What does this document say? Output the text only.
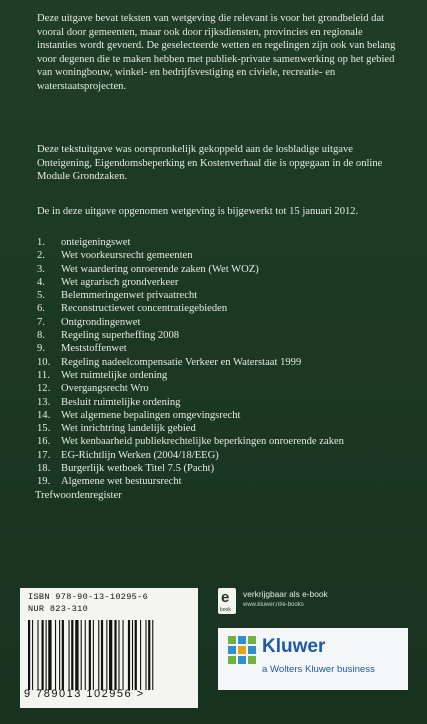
Deze uitgave bevat teksten van wetgeving die relevant is voor het grondbeleid dat vooral door gemeenten, maar ook door rijksdiensten, provincies en regionale instanties wordt gevoerd. De geselecteerde wetten en regelingen zijn ook van belang voor degenen die te maken hebben met publiek-private samenwerking op het gebied van woningbouw, winkel- en bedrijfsvestiging en civiele, recreatie- en waterstaatsprojecten.

Deze tekstuitgave was oorspronkelijk gekoppeld aan de losbladige uitgave Onteigening, Eigendomsbeperking en Kostenverhaal die is opgegaan in de online Module Grondzaken.

De in deze uitgave opgenomen wetgeving is bijgewerkt tot 15 januari 2012.

1. onteigeningswet
2. Wet voorkeursrecht gemeenten
3. Wet waardering onroerende zaken (Wet WOZ)
4. Wet agrarisch grondverkeer
5. Belemmeringenwet privaatrecht
6. Reconstructiewet concentratiegebieden
7. Ontgrondingenwet
8. Regeling superheffing 2008
9. Meststoffenwet
10. Regeling nadeelcompensatie Verkeer en Waterstaat 1999
11. Wet ruimtelijke ordening
12. Overgangsrecht Wro
13. Besluit ruimtelijke ordening
14. Wet algemene bepalingen omgevingsrecht
15. Wet inrichtring landelijk gebied
16. Wet kenbaarheid publiekrechtelijke beperkingen onroerende zaken
17. EG-Richtlijn Werken (2004/18/EEG)
18. Burgerlijk wetboek Titel 7.5 (Pacht)
19. Algemene wet bestuursrecht
Trefwoordenregister
ISBN 978-90-13-10295-6
NUR 823-310
9 789013 102956 >
e
book
verkrijgbaar als e-book
www.kluwer.nl/e-books
Kluwer
a Wolters Kluwer business
